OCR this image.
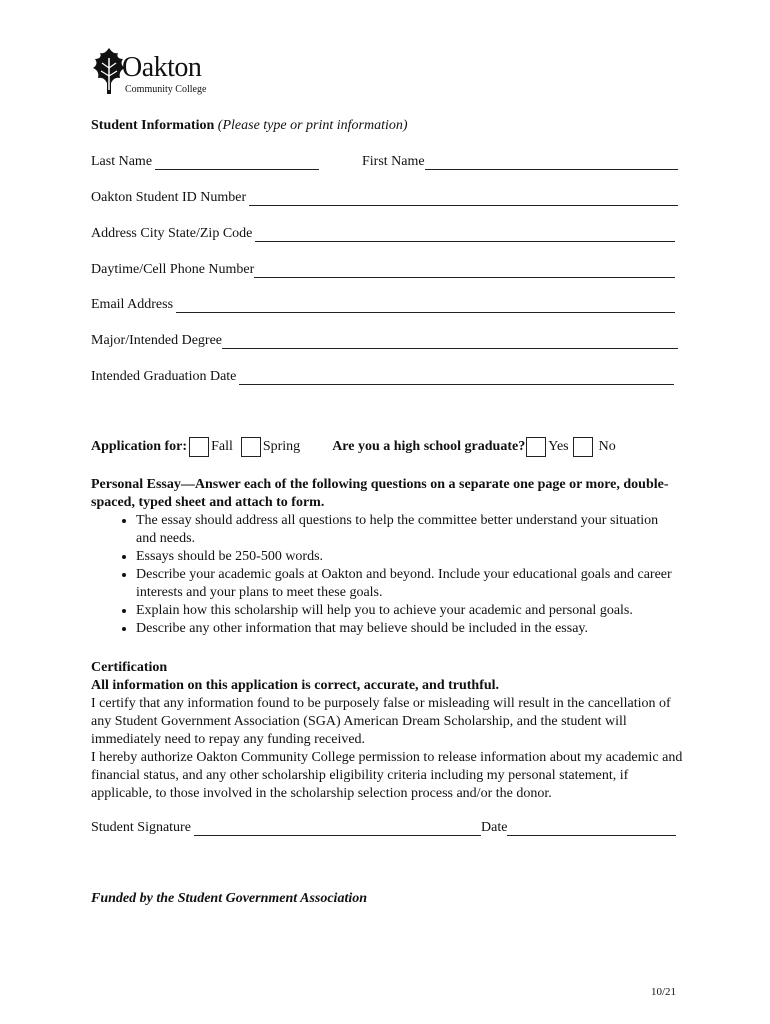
Oakton
Community College
Student Information (Please type or print information)
Last Name	First Name
Oakton Student ID Number
Address City State/Zip Code
Daytime/Cell Phone Number
Email Address
Major/Intended Degree
Intended Graduation Date
Application for: Fall Spring Are you a high school graduate? Yes No
Personal Essay—Answer each of the following questions on a separate one page or more, double-spaced, typed sheet and attach to form.
• The essay should address all questions to help the committee better understand your situation and needs.
• Essays should be 250-500 words.
• Describe your academic goals at Oakton and beyond. Include your educational goals and career interests and your plans to meet these goals.
• Explain how this scholarship will help you to achieve your academic and personal goals.
• Describe any other information that may believe should be included in the essay.
Certification
All information on this application is correct, accurate, and truthful.
I certify that any information found to be purposely false or misleading will result in the cancellation of any Student Government Association (SGA) American Dream Scholarship, and the student will immediately need to repay any funding received.
I hereby authorize Oakton Community College permission to release information about my academic and financial status, and any other scholarship eligibility criteria including my personal statement, if applicable, to those involved in the scholarship selection process and/or the donor.
Student Signature	Date
Funded by the Student Government Association
10/21
